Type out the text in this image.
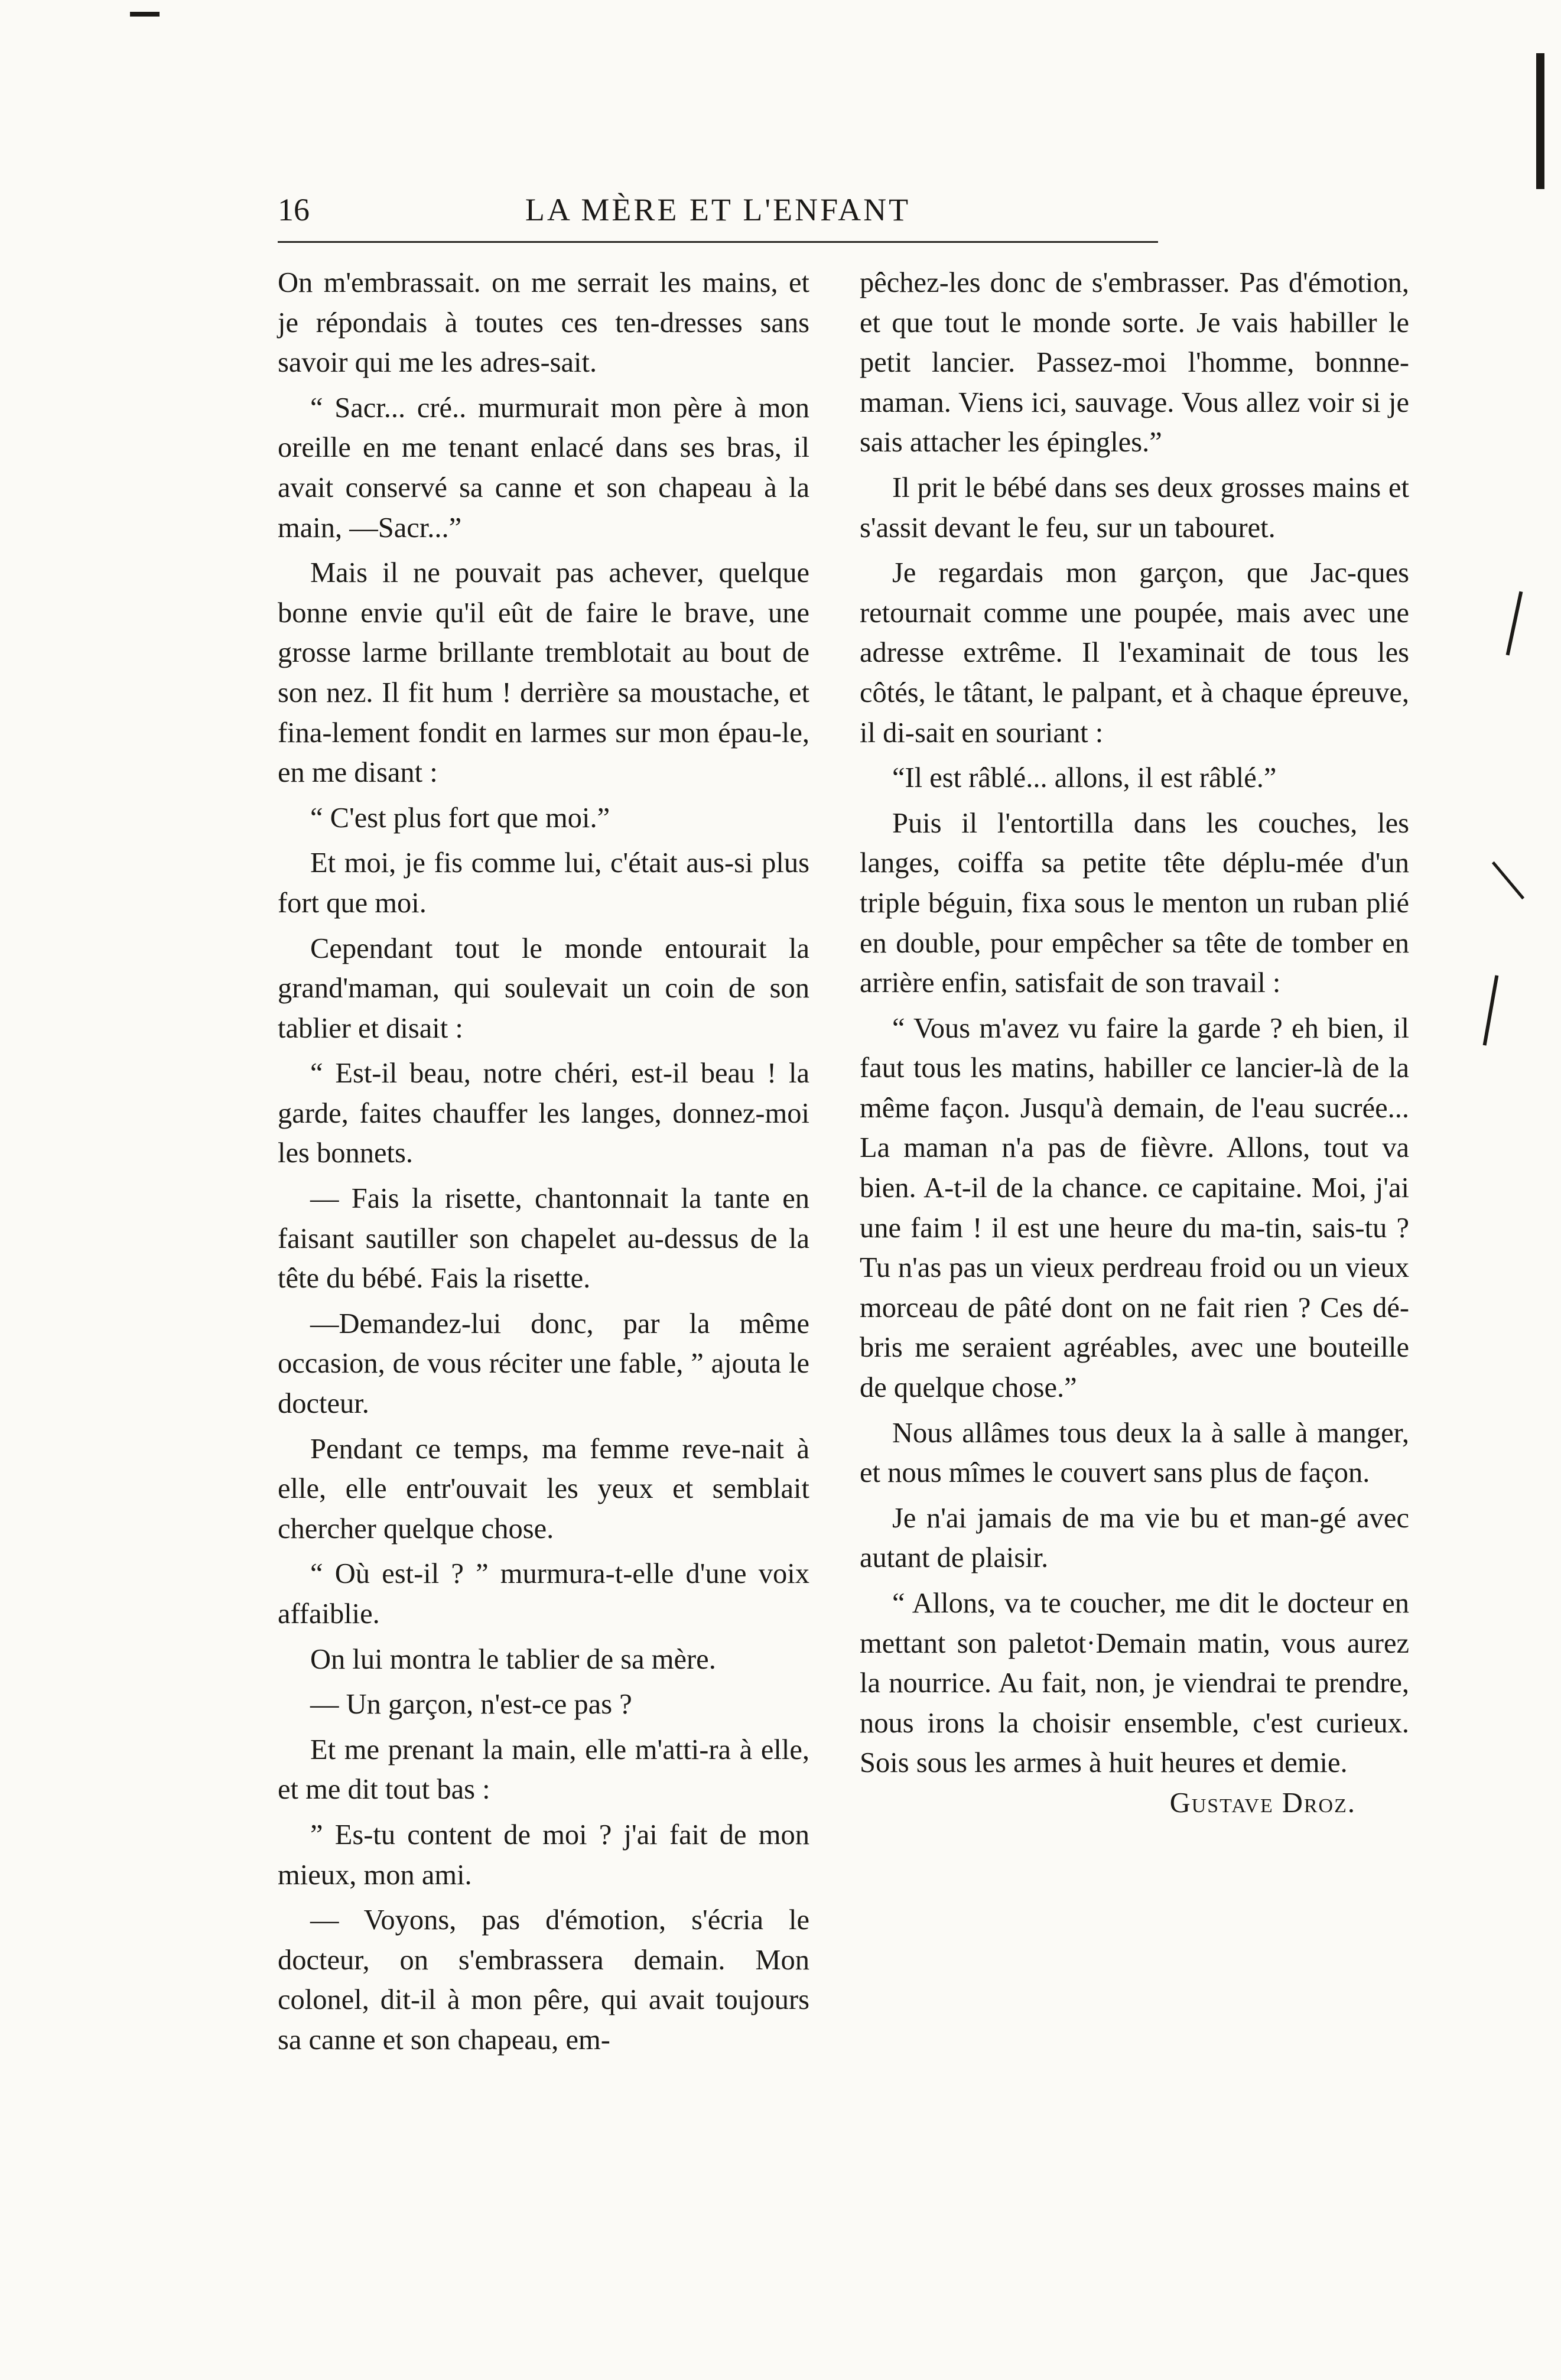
16	LA MÈRE ET L'ENFANT

On m'embrassait. on me serrait les mains, et je répondais à toutes ces ten-dresses sans savoir qui me les adres-sait.

“ Sacr... cré.. murmurait mon père à mon oreille en me tenant enlacé dans ses bras, il avait conservé sa canne et son chapeau à la main, —Sacr...”

Mais il ne pouvait pas achever, quelque bonne envie qu'il eût de faire le brave, une grosse larme brillante tremblotait au bout de son nez. Il fit hum ! derrière sa moustache, et fina-lement fondit en larmes sur mon épau-le, en me disant :

“ C'est plus fort que moi.”

Et moi, je fis comme lui, c'était aus-si plus fort que moi.

Cependant tout le monde entourait la grand'maman, qui soulevait un coin de son tablier et disait :

“ Est-il beau, notre chéri, est-il beau ! la garde, faites chauffer les langes, donnez-moi les bonnets.

— Fais la risette, chantonnait la tante en faisant sautiller son chapelet au-dessus de la tête du bébé. Fais la risette.

—Demandez-lui donc, par la même occasion, de vous réciter une fable, ” ajouta le docteur.

Pendant ce temps, ma femme reve-nait à elle, elle entr'ouvait les yeux et semblait chercher quelque chose.

“ Où est-il ? ” murmura-t-elle d'une voix affaiblie.

On lui montra le tablier de sa mère.

— Un garçon, n'est-ce pas ?

Et me prenant la main, elle m'atti-ra à elle, et me dit tout bas :

” Es-tu content de moi ? j'ai fait de mon mieux, mon ami.

— Voyons, pas d'émotion, s'écria le docteur, on s'embrassera demain. Mon colonel, dit-il à mon pêre, qui avait toujours sa canne et son chapeau, em-

pêchez-les donc de s'embrasser. Pas d'émotion, et que tout le monde sorte. Je vais habiller le petit lancier. Passez-moi l'homme, bonnne-maman. Viens ici, sauvage. Vous allez voir si je sais attacher les épingles.”

Il prit le bébé dans ses deux grosses mains et s'assit devant le feu, sur un tabouret.

Je regardais mon garçon, que Jac-ques retournait comme une poupée, mais avec une adresse extrême. Il l'examinait de tous les côtés, le tâtant, le palpant, et à chaque épreuve, il di-sait en souriant :

“Il est râblé... allons, il est râblé.”

Puis il l'entortilla dans les couches, les langes, coiffa sa petite tête déplu-mée d'un triple béguin, fixa sous le menton un ruban plié en double, pour empêcher sa tête de tomber en arrière enfin, satisfait de son travail :

“ Vous m'avez vu faire la garde ? eh bien, il faut tous les matins, habiller ce lancier-là de la même façon. Jusqu'à demain, de l'eau sucrée... La maman n'a pas de fièvre. Allons, tout va bien. A-t-il de la chance. ce capitaine. Moi, j'ai une faim ! il est une heure du ma-tin, sais-tu ? Tu n'as pas un vieux perdreau froid ou un vieux morceau de pâté dont on ne fait rien ? Ces dé-bris me seraient agréables, avec une bouteille de quelque chose.”

Nous allâmes tous deux la à salle à manger, et nous mîmes le couvert sans plus de façon.

Je n'ai jamais de ma vie bu et man-gé avec autant de plaisir.

“ Allons, va te coucher, me dit le docteur en mettant son paletot·Demain matin, vous aurez la nourrice. Au fait, non, je viendrai te prendre, nous irons la choisir ensemble, c'est curieux. Sois sous les armes à huit heures et demie.

Gustave Droz.
